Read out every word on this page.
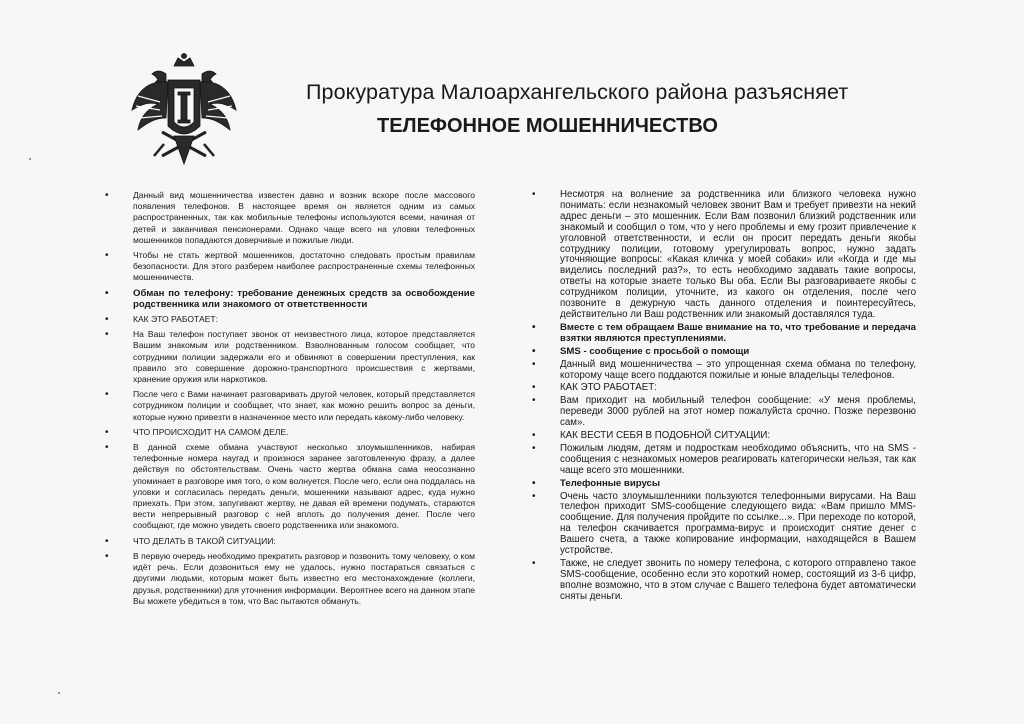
Прокуратура Малоархангельского района разъясняет
ТЕЛЕФОННОЕ МОШЕННИЧЕСТВО
•	Данный вид мошенничества известен давно и возник вскоре после массового появления телефонов. В настоящее время он является одним из самых распространенных, так как мобильные телефоны используются всеми, начиная от детей и заканчивая пенсионерами. Однако чаще всего на уловки телефонных мошенников попадаются доверчивые и пожилые люди.
•	Чтобы не стать жертвой мошенников, достаточно следовать простым правилам безопасности. Для этого разберем наиболее распространенные схемы телефонных мошенничеств.
•	Обман по телефону: требование денежных средств за освобождение родственника или знакомого от ответственности
•	КАК ЭТО РАБОТАЕТ:
•	На Ваш телефон поступает звонок от неизвестного лица, которое представляется Вашим знакомым или родственником. Взволнованным голосом сообщает, что сотрудники полиции задержали его и обвиняют в совершении преступления, как правило это совершение дорожно-транспортного происшествия с жертвами, хранение оружия или наркотиков.
•	После чего с Вами начинает разговаривать другой человек, который представляется сотрудником полиции и сообщает, что знает, как можно решить вопрос за деньги, которые нужно привезти в назначенное место или передать какому-либо человеку.
•	ЧТО ПРОИСХОДИТ НА САМОМ ДЕЛЕ.
•	В данной схеме обмана участвуют несколько злоумышленников, набирая телефонные номера наугад и произнося заранее заготовленную фразу, а далее действуя по обстоятельствам. Очень часто жертва обмана сама неосознанно упоминает в разговоре имя того, о ком волнуется. После чего, если она поддалась на уловки и согласилась передать деньги, мошенники называют адрес, куда нужно приехать. При этом, запугивают жертву, не давая ей времени подумать, стараются вести непрерывный разговор с ней вплоть до получения денег. После чего сообщают, где можно увидеть своего родственника или знакомого.
•	ЧТО ДЕЛАТЬ В ТАКОЙ СИТУАЦИИ:
•	В первую очередь необходимо прекратить разговор и позвонить тому человеку, о ком идёт речь. Если дозвониться ему не удалось, нужно постараться связаться с другими людьми, которым может быть известно его местонахождение (коллеги, друзья, родственники) для уточнения информации. Вероятнее всего на данном этапе Вы можете убедиться в том, что Вас пытаются обмануть.
•	Несмотря на волнение за родственника или близкого человека нужно понимать: если незнакомый человек звонит Вам и требует привезти на некий адрес деньги – это мошенник. Если Вам позвонил близкий родственник или знакомый и сообщил о том, что у него проблемы и ему грозит привлечение к уголовной ответственности, и если он просит передать деньги якобы сотруднику полиции, готовому урегулировать вопрос, нужно задать уточняющие вопросы: «Какая кличка у моей собаки» или «Когда и где мы виделись последний раз?», то есть необходимо задавать такие вопросы, ответы на которые знаете только Вы оба. Если Вы разговариваете якобы с сотрудником полиции, уточните, из какого он отделения, после чего позвоните в дежурную часть данного отделения и поинтересуйтесь, действительно ли Ваш родственник или знакомый доставлялся туда.
•	Вместе с тем обращаем Ваше внимание на то, что требование и передача взятки являются преступлениями.
•	SMS - сообщение с просьбой о помощи
•	Данный вид мошенничества – это упрощенная схема обмана по телефону, которому чаще всего поддаются пожилые и юные владельцы телефонов.
•	КАК ЭТО РАБОТАЕТ:
•	Вам приходит на мобильный телефон сообщение: «У меня проблемы, переведи 3000 рублей на этот номер пожалуйста срочно. Позже перезвоню сам».
•	КАК ВЕСТИ СЕБЯ В ПОДОБНОЙ СИТУАЦИИ:
•	Пожилым людям, детям и подросткам необходимо объяснить, что на SMS - сообщения с незнакомых номеров реагировать категорически нельзя, так как чаще всего это мошенники.
•	Телефонные вирусы
•	Очень часто злоумышленники пользуются телефонными вирусами. На Ваш телефон приходит SMS-сообщение следующего вида: «Вам пришло MMS-сообщение. Для получения пройдите по ссылке...». При переходе по которой, на телефон скачивается программа-вирус и происходит снятие денег с Вашего счета, а также копирование информации, находящейся в Вашем устройстве.
•	Также, не следует звонить по номеру телефона, с которого отправлено такое SMS-сообщение, особенно если это короткий номер, состоящий из 3-6 цифр, вполне возможно, что в этом случае с Вашего телефона будет автоматически сняты деньги.
